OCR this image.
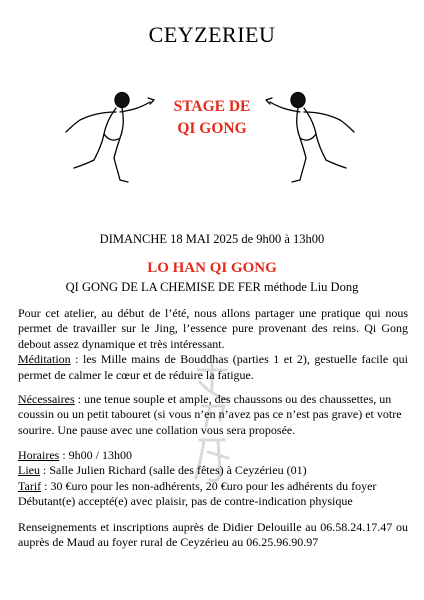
CEYZERIEU
STAGE DE
QI GONG
DIMANCHE 18 MAI 2025 de 9h00 à 13h00
LO HAN QI GONG
QI GONG DE LA CHEMISE DE FER méthode Liu Dong
Pour cet atelier, au début de l’été, nous allons partager une pratique qui nous permet de travailler sur le Jing, l’essence pure provenant des reins. Qi Gong debout assez dynamique et très intéressant.
Méditation : les Mille mains de Bouddhas (parties 1 et 2), gestuelle facile qui permet de calmer le cœur et de réduire la fatigue.
Nécessaires : une tenue souple et ample, des chaussons ou des chaussettes, un coussin ou un petit tabouret (si vous n’en n’avez pas ce n’est pas grave) et votre sourire. Une pause avec une collation vous sera proposée.
Horaires : 9h00 / 13h00
Lieu : Salle Julien Richard (salle des fêtes) à Ceyzérieu (01)
Tarif : 30 €uro pour les non-adhérents, 20 €uro pour les adhérents du foyer
Débutant(e) accepté(e) avec plaisir, pas de contre-indication physique
Renseignements et inscriptions auprès de Didier Delouille au 06.58.24.17.47 ou auprès de Maud au foyer rural de Ceyzérieu au 06.25.96.90.97
